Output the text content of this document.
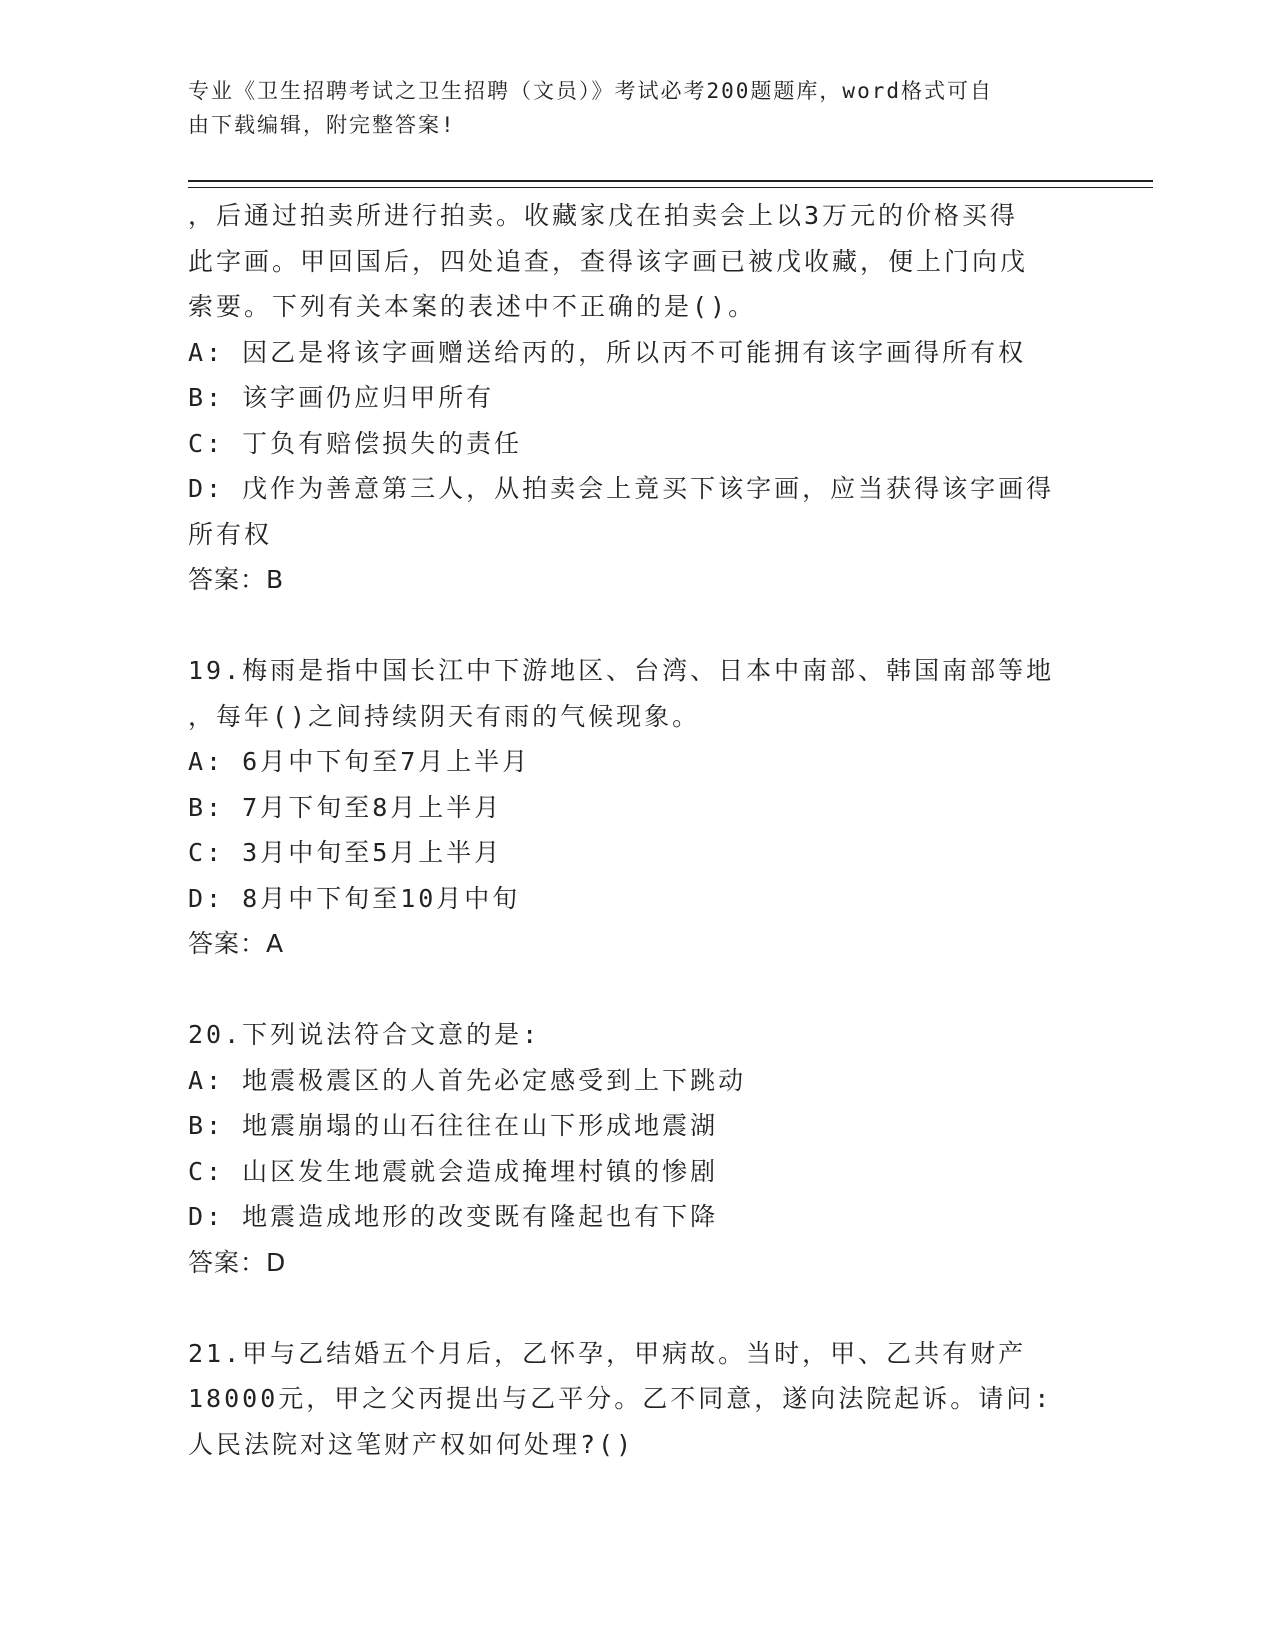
专业《卫生招聘考试之卫生招聘（文员）》考试必考200题题库，word格式可自
由下载编辑，附完整答案!
，后通过拍卖所进行拍卖。收藏家戊在拍卖会上以3万元的价格买得
此字画。甲回国后，四处追查，查得该字画已被戊收藏，便上门向戊
索要。下列有关本案的表述中不正确的是()。
A: 因乙是将该字画赠送给丙的，所以丙不可能拥有该字画得所有权
B: 该字画仍应归甲所有
C: 丁负有赔偿损失的责任
D: 戊作为善意第三人，从拍卖会上竟买下该字画，应当获得该字画得
所有权
答案：B
19.梅雨是指中国长江中下游地区、台湾、日本中南部、韩国南部等地
，每年()之间持续阴天有雨的气候现象。
A: 6月中下旬至7月上半月
B: 7月下旬至8月上半月
C: 3月中旬至5月上半月
D: 8月中下旬至10月中旬
答案：A
20.下列说法符合文意的是:
A: 地震极震区的人首先必定感受到上下跳动
B: 地震崩塌的山石往往在山下形成地震湖
C: 山区发生地震就会造成掩埋村镇的惨剧
D: 地震造成地形的改变既有隆起也有下降
答案：D
21.甲与乙结婚五个月后，乙怀孕，甲病故。当时，甲、乙共有财产
18000元，甲之父丙提出与乙平分。乙不同意，遂向法院起诉。请问:
人民法院对这笔财产权如何处理?()
